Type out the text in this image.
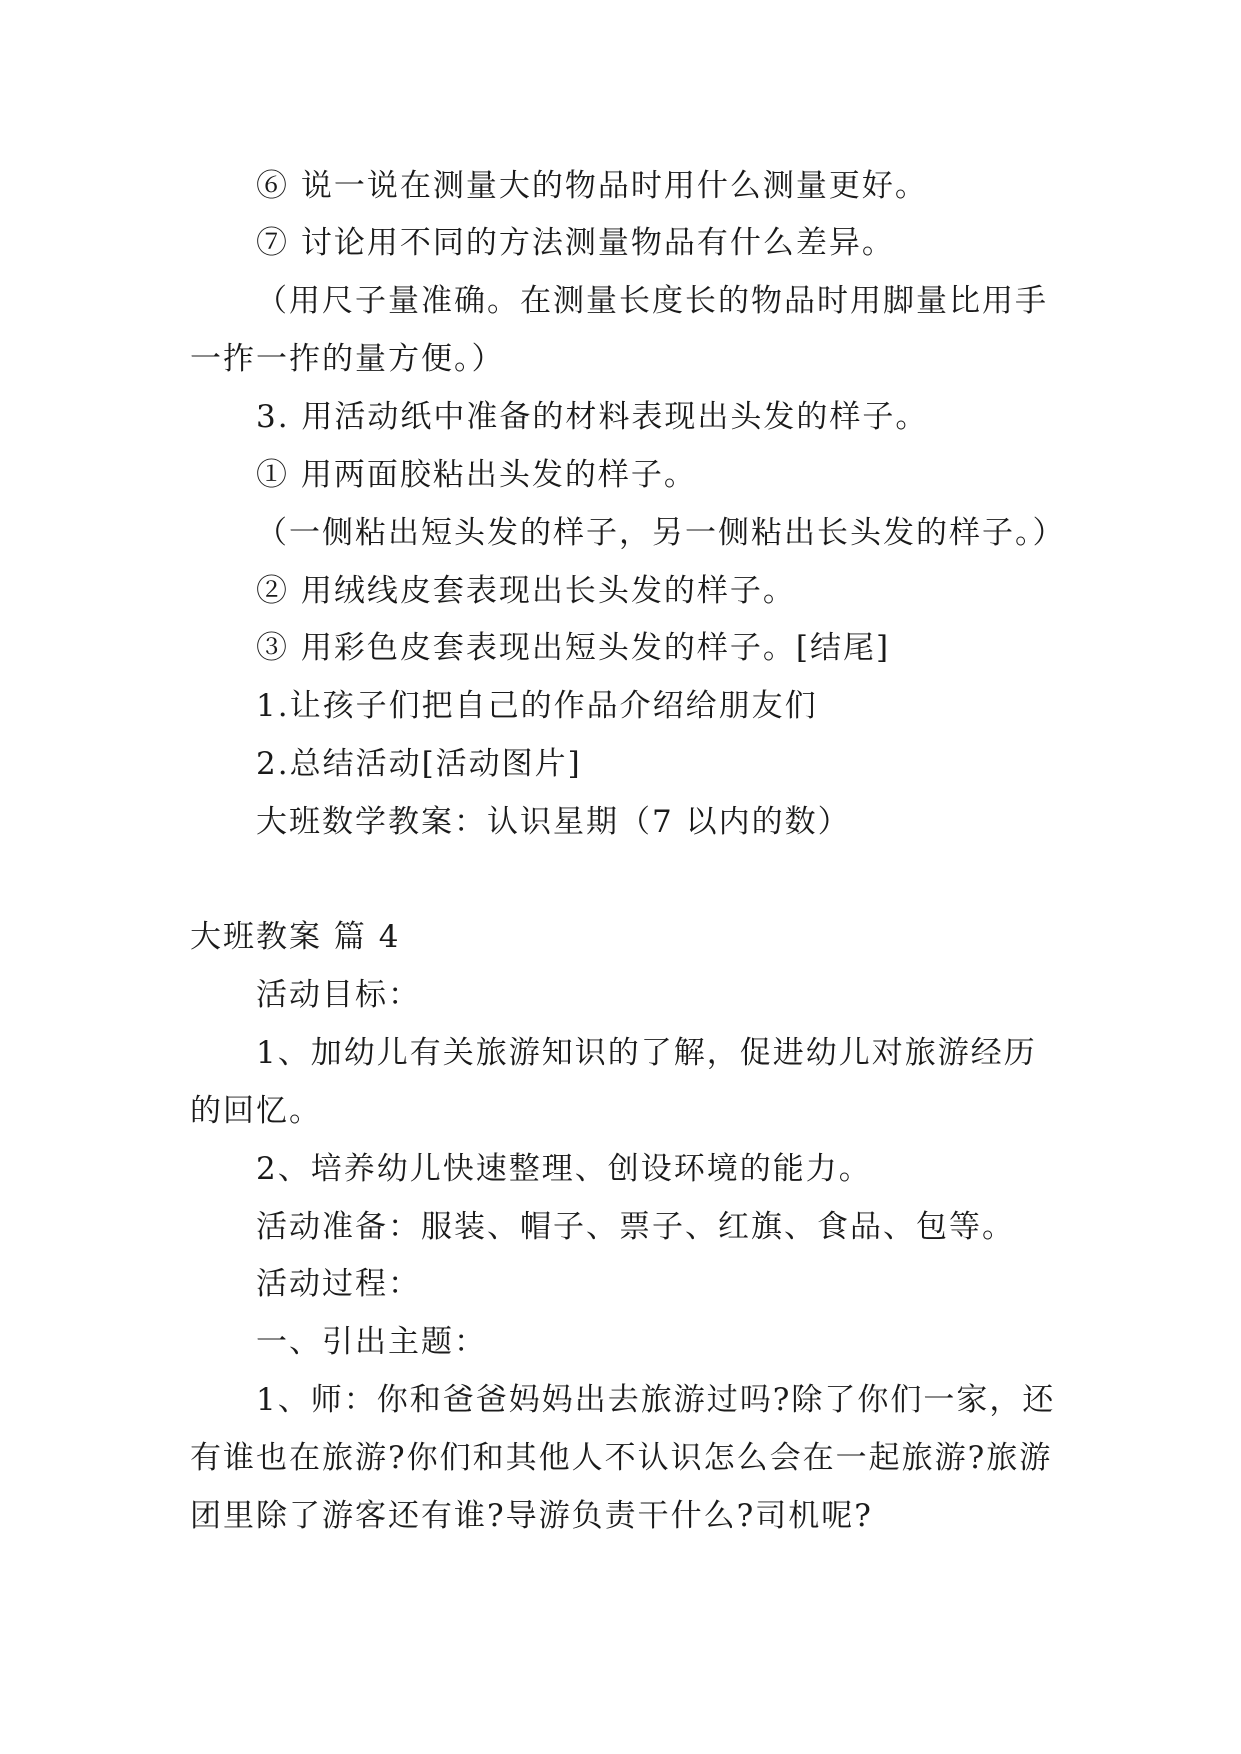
⑥ 说一说在测量大的物品时用什么测量更好。
⑦ 讨论用不同的方法测量物品有什么差异。
（用尺子量准确。在测量长度长的物品时用脚量比用手
一拃一拃的量方便。）
3. 用活动纸中准备的材料表现出头发的样子。
① 用两面胶粘出头发的样子。
（一侧粘出短头发的样子，另一侧粘出长头发的样子。）
② 用绒线皮套表现出长头发的样子。
③ 用彩色皮套表现出短头发的样子。[结尾]
1.让孩子们把自己的作品介绍给朋友们
2.总结活动[活动图片]
大班数学教案：认识星期（7 以内的数）
大班教案 篇 4
活动目标：
1、加幼儿有关旅游知识的了解，促进幼儿对旅游经历
的回忆。
2、培养幼儿快速整理、创设环境的能力。
活动准备：服装、帽子、票子、红旗、食品、包等。
活动过程：
一、引出主题：
1、师：你和爸爸妈妈出去旅游过吗?除了你们一家，还
有谁也在旅游?你们和其他人不认识怎么会在一起旅游?旅游
团里除了游客还有谁?导游负责干什么?司机呢?
